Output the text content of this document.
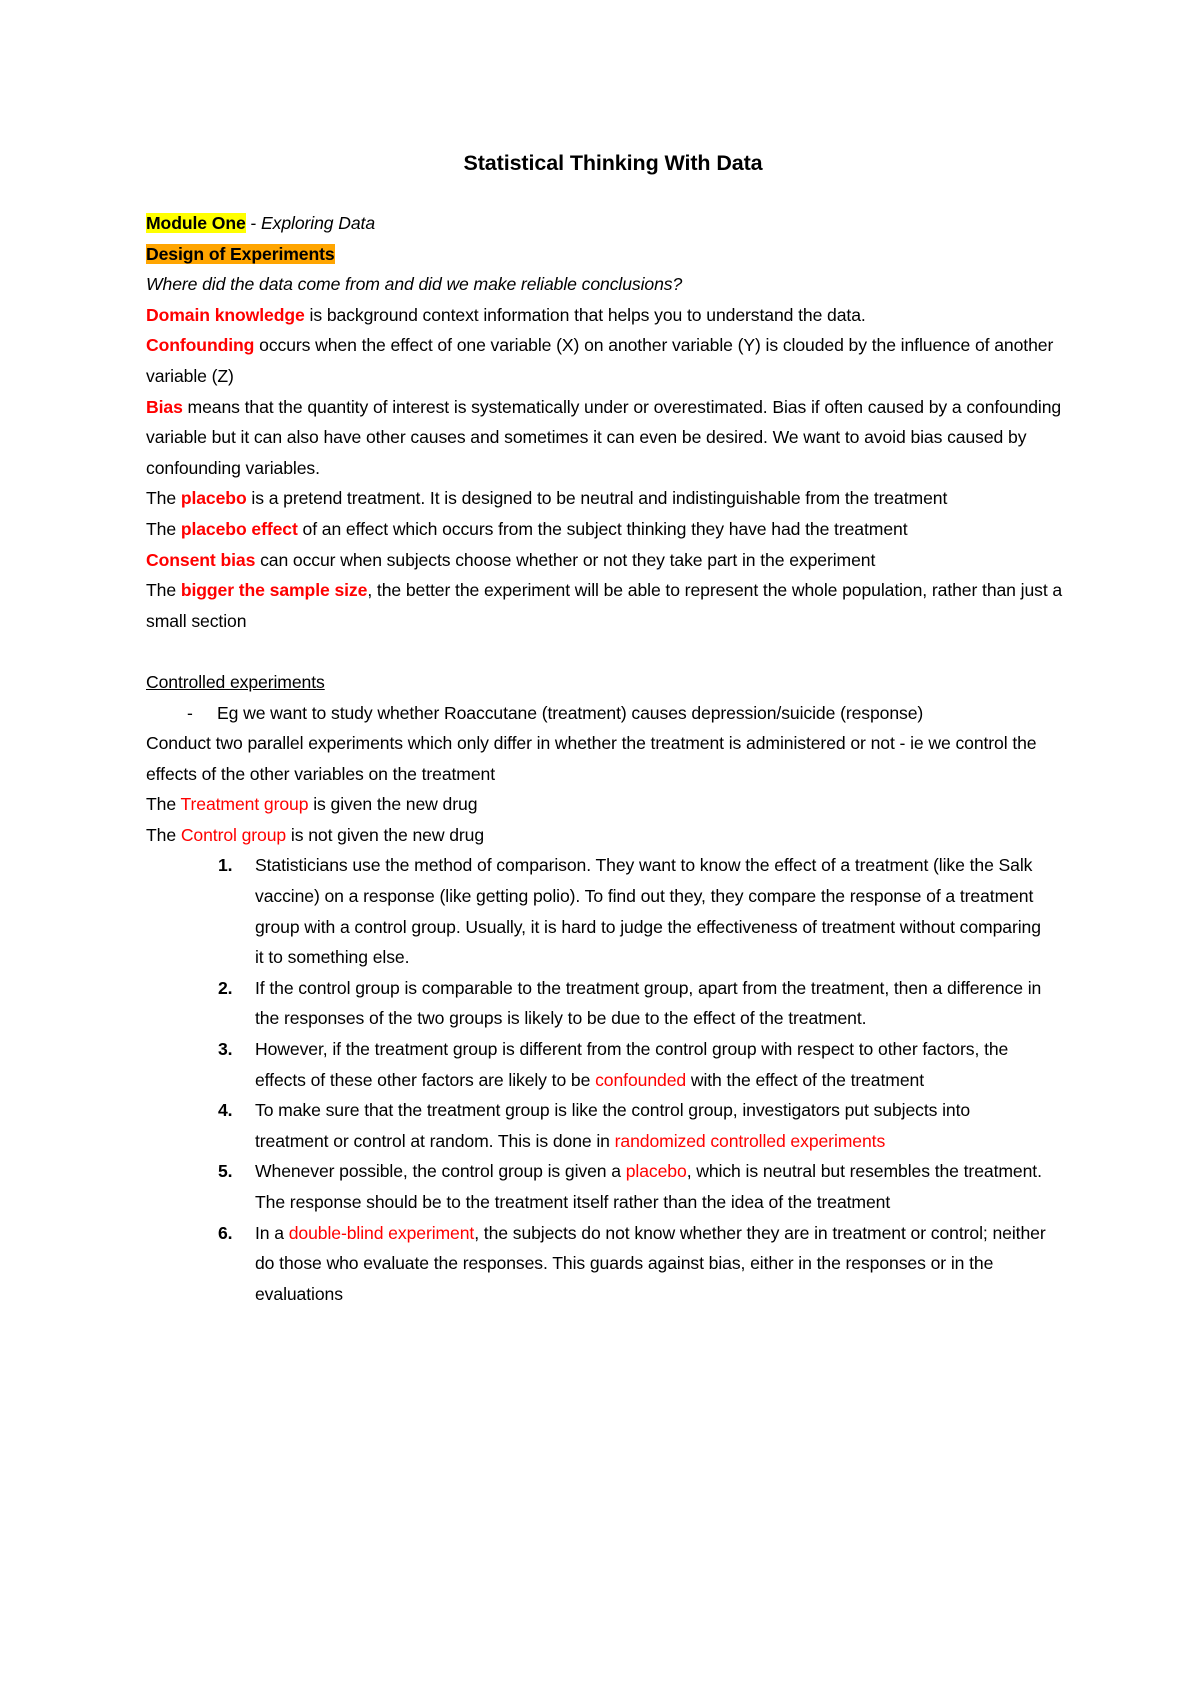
Statistical Thinking With Data

Module One - Exploring Data

Design of Experiments

Where did the data come from and did we make reliable conclusions?

Domain knowledge is background context information that helps you to understand the data.

Confounding occurs when the effect of one variable (X) on another variable (Y) is clouded by the influence of another variable (Z)

Bias means that the quantity of interest is systematically under or overestimated. Bias if often caused by a confounding variable but it can also have other causes and sometimes it can even be desired. We want to avoid bias caused by confounding variables.

The placebo is a pretend treatment. It is designed to be neutral and indistinguishable from the treatment

The placebo effect of an effect which occurs from the subject thinking they have had the treatment

Consent bias can occur when subjects choose whether or not they take part in the experiment

The bigger the sample size, the better the experiment will be able to represent the whole population, rather than just a small section

Controlled experiments

-	Eg we want to study whether Roaccutane (treatment) causes depression/suicide (response)

Conduct two parallel experiments which only differ in whether the treatment is administered or not - ie we control the effects of the other variables on the treatment

The Treatment group is given the new drug

The Control group is not given the new drug

1.	Statisticians use the method of comparison. They want to know the effect of a treatment (like the Salk vaccine) on a response (like getting polio). To find out they, they compare the response of a treatment group with a control group. Usually, it is hard to judge the effectiveness of treatment without comparing it to something else.
2.	If the control group is comparable to the treatment group, apart from the treatment, then a difference in the responses of the two groups is likely to be due to the effect of the treatment.
3.	However, if the treatment group is different from the control group with respect to other factors, the effects of these other factors are likely to be confounded with the effect of the treatment
4.	To make sure that the treatment group is like the control group, investigators put subjects into treatment or control at random. This is done in randomized controlled experiments
5.	Whenever possible, the control group is given a placebo, which is neutral but resembles the treatment. The response should be to the treatment itself rather than the idea of the treatment
6.	In a double-blind experiment, the subjects do not know whether they are in treatment or control; neither do those who evaluate the responses. This guards against bias, either in the responses or in the evaluations
